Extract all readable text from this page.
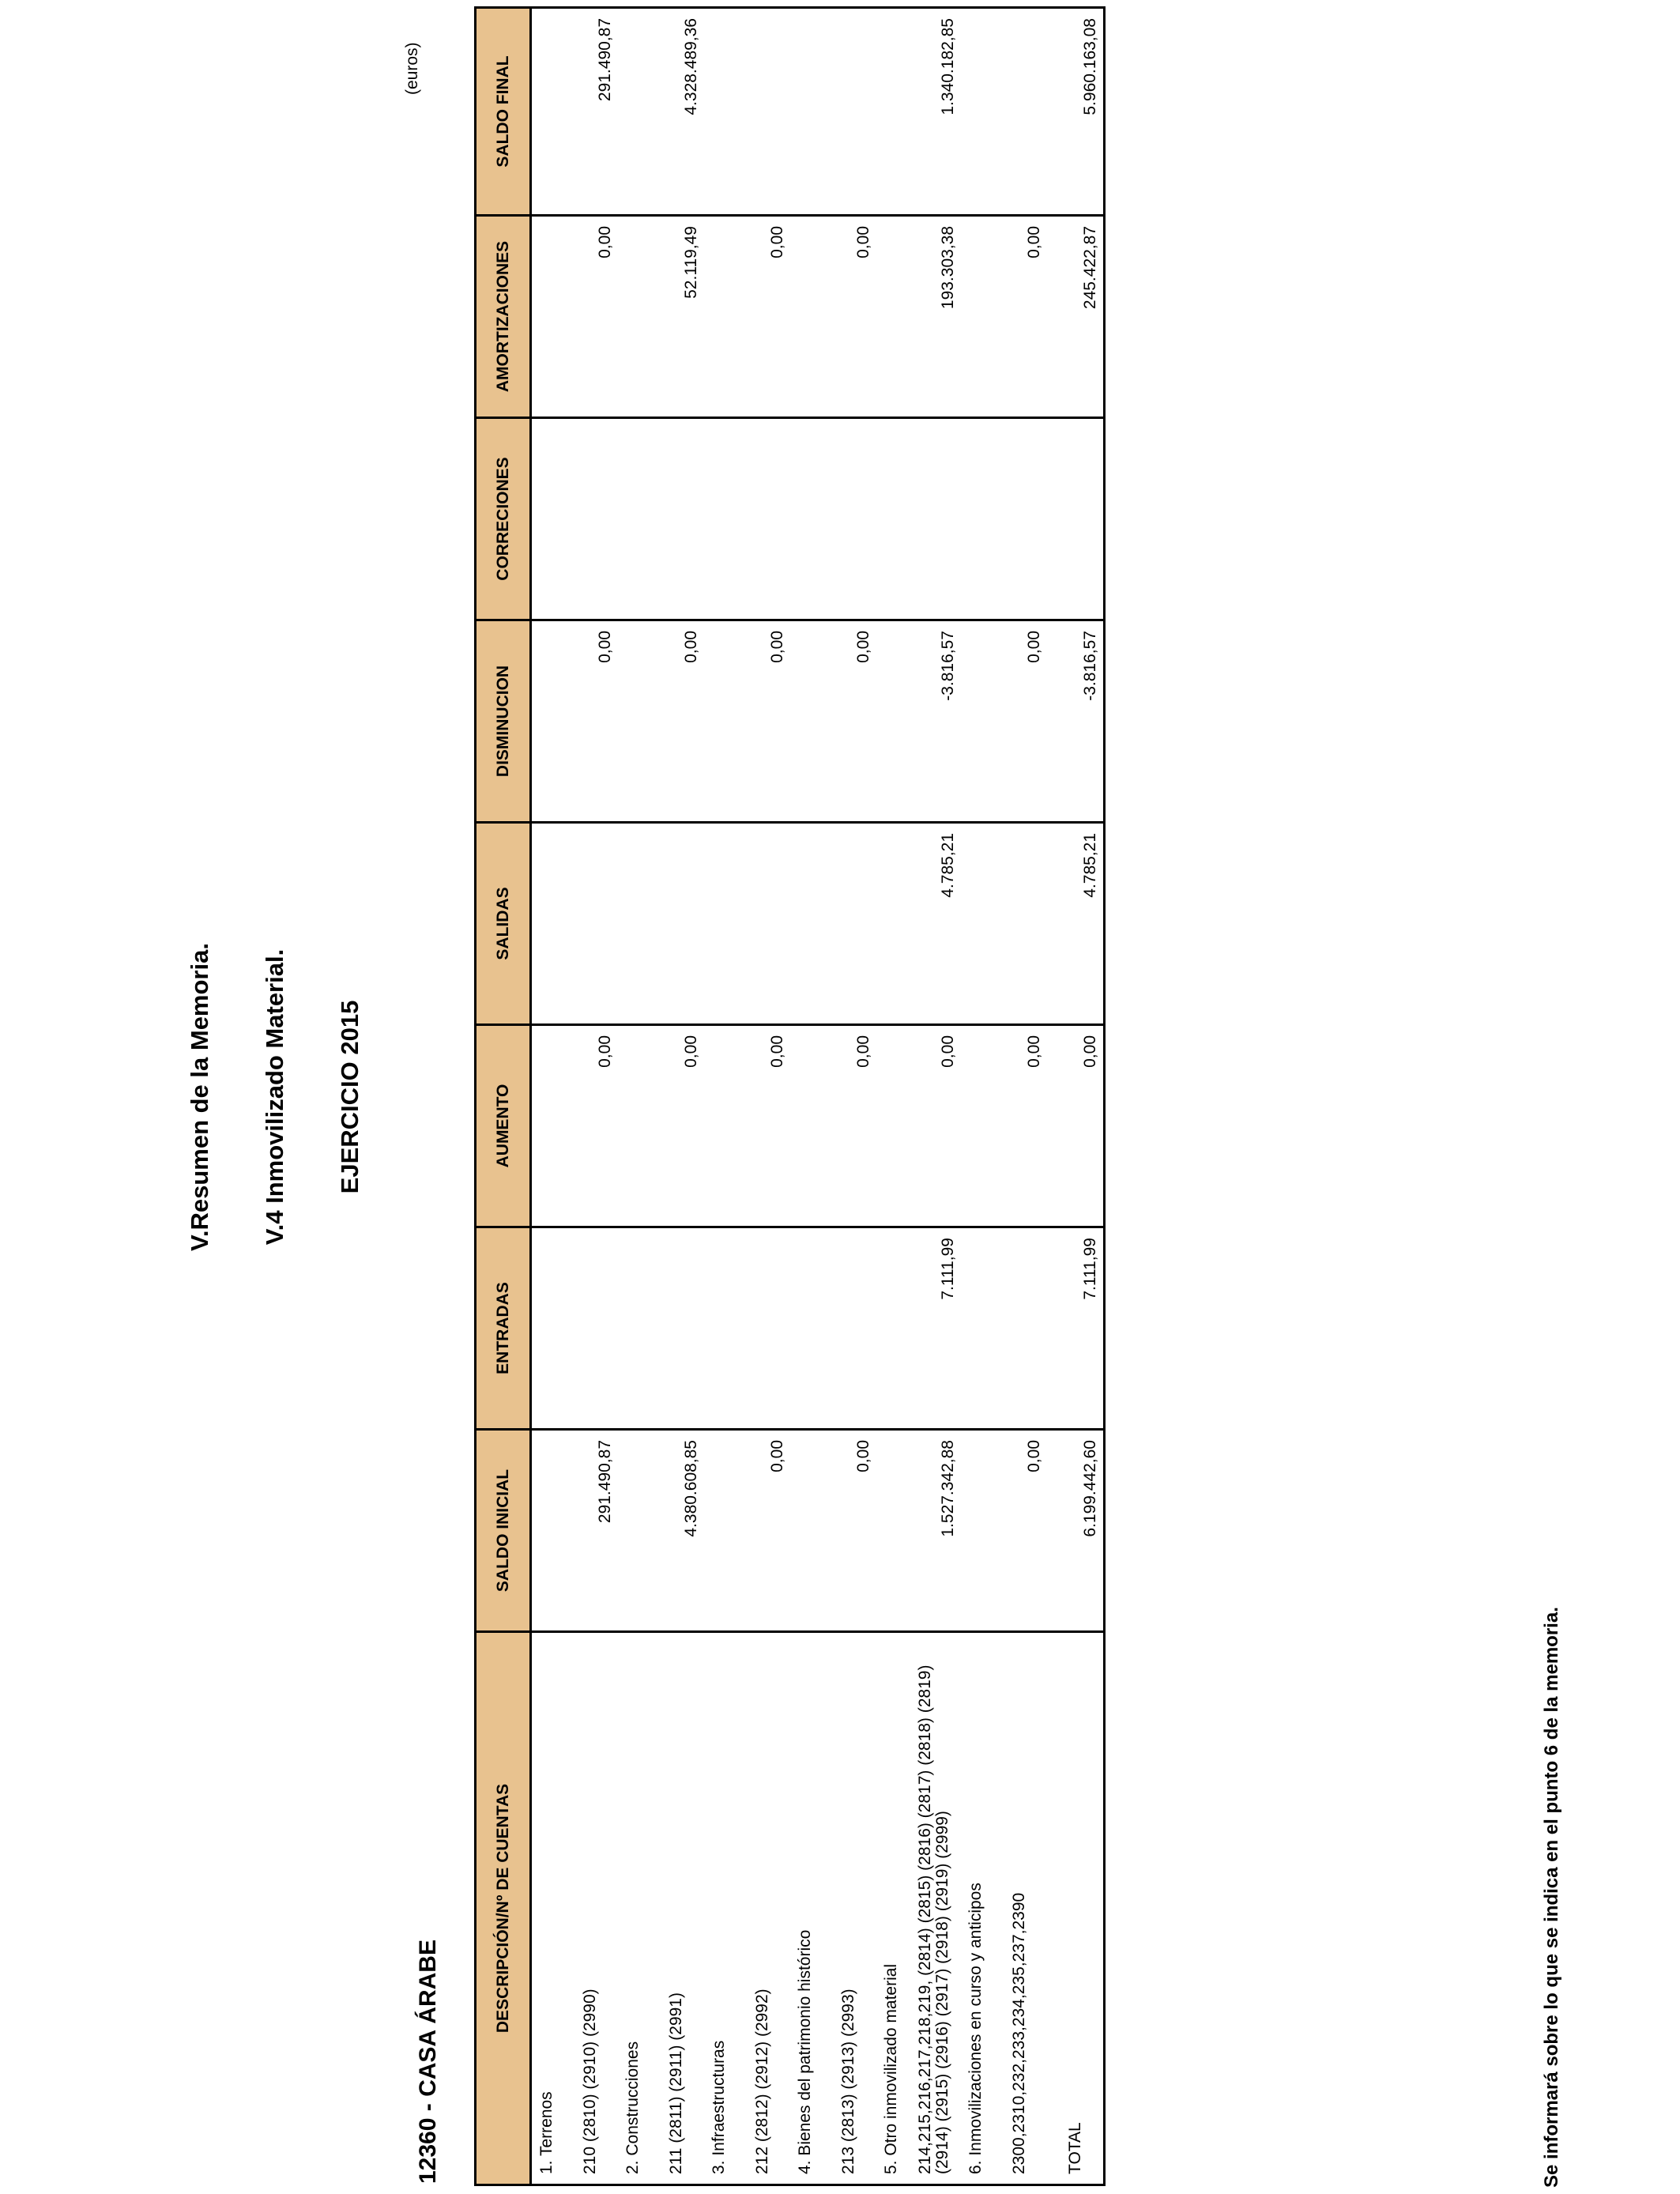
V.Resumen de la Memoria. V.4 Inmovilizado Material. EJERCICIO 2015

12360 - CASA ÁRABE

(euros)
DESCRIPCIÓN/Nº DE CUENTAS	SALDO INICIAL	ENTRADAS	AUMENTO	SALIDAS	DISMINUCION	CORRECIONES	AMORTIZACIONES	SALDO FINAL
1. Terrenos								
210 (2810) (2910) (2990)	291.490,87		0,00		0,00		0,00	291.490,87
2. Construcciones								
211 (2811) (2911) (2991)	4.380.608,85		0,00		0,00		52.119,49	4.328.489,36
3. Infraestructuras								
212 (2812) (2912) (2992)	0,00		0,00		0,00		0,00	
4. Bienes del patrimonio histórico								
213 (2813) (2913) (2993)	0,00		0,00		0,00		0,00	
5. Otro inmovilizado material								
214,215,216,217,218,219, (2814) (2815) (2816) (2817) (2818) (2819) (2914) (2915) (2916) (2917) (2918) (2919) (2999)	1.527.342,88	7.111,99	0,00	4.785,21	-3.816,57		193.303,38	1.340.182,85
6. Inmovilizaciones en curso y anticipos								
2300,2310,232,233,234,235,237,2390	0,00		0,00		0,00		0,00	
TOTAL	6.199.442,60	7.111,99	0,00	4.785,21	-3.816,57		245.422,87	5.960.163,08

Se informará sobre lo que se indica en el punto 6 de la memoria.
